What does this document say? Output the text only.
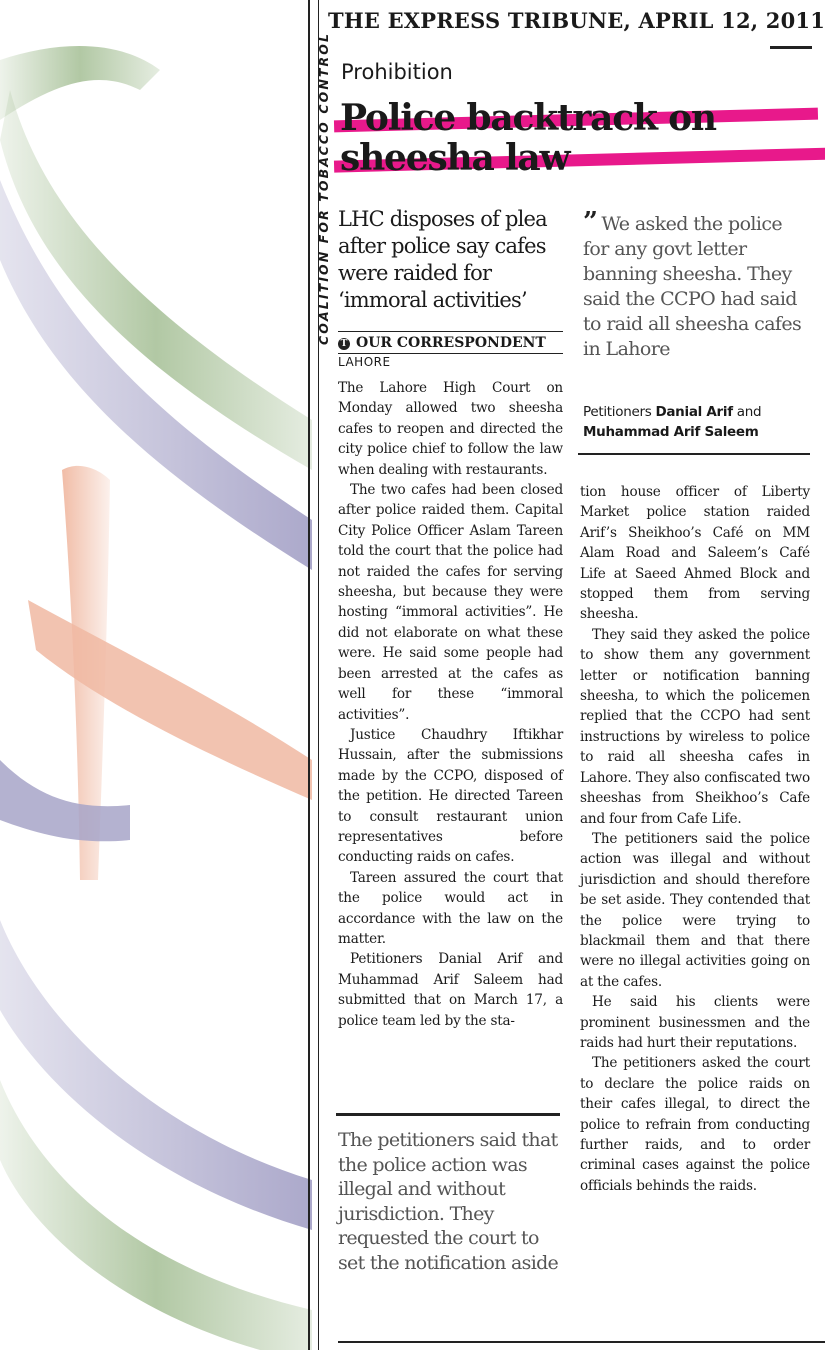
THE EXPRESS TRIBUNE, APRIL 12, 2011
COALITION FOR TOBACCO CONTROL Prohibition
Police backtrack on
sheesha law
LHC disposes of plea after police say cafes were raided for ‘immoral activities’
T OUR CORRESPONDENT
LAHORE

The Lahore High Court on Monday allowed two sheesha cafes to reopen and directed the city police chief to follow the law when dealing with restaurants.

The two cafes had been closed after police raided them. Capital City Police Officer Aslam Tareen told the court that the police had not raided the cafes for serving sheesha, but because they were hosting “immoral activities”. He did not elaborate on what these were. He said some people had been arrested at the cafes as well for these “immoral activities”.

Justice Chaudhry Iftikhar Hussain, after the submissions made by the CCPO, disposed of the petition. He directed Tareen to consult restaurant union representatives before conducting raids on cafes.

Tareen assured the court that the police would act in accordance with the law on the matter.

Petitioners Danial Arif and Muhammad Arif Saleem had submitted that on March 17, a police team led by the sta-

” We asked the police for any govt letter banning sheesha. They said the CCPO had said to raid all sheesha cafes in Lahore
Petitioners Danial Arif and Muhammad Arif Saleem

tion house officer of Liberty Market police station raided Arif’s Sheikhoo’s Café on MM Alam Road and Saleem’s Café Life at Saeed Ahmed Block and stopped them from serving sheesha.

They said they asked the police to show them any government letter or notification banning sheesha, to which the policemen replied that the CCPO had sent instructions by wireless to police to raid all sheesha cafes in Lahore. They also confiscated two sheeshas from Sheikhoo’s Cafe and four from Cafe Life.

The petitioners said the police action was illegal and without jurisdiction and should therefore be set aside. They contended that the police were trying to blackmail them and that there were no illegal activities going on at the cafes.

He said his clients were prominent businessmen and the raids had hurt their reputations.

The petitioners asked the court to declare the police raids on their cafes illegal, to direct the police to refrain from conducting further raids, and to order criminal cases against the police officials behinds the raids.

The petitioners said that the police action was illegal and without jurisdiction. They requested the court to set the notification aside
